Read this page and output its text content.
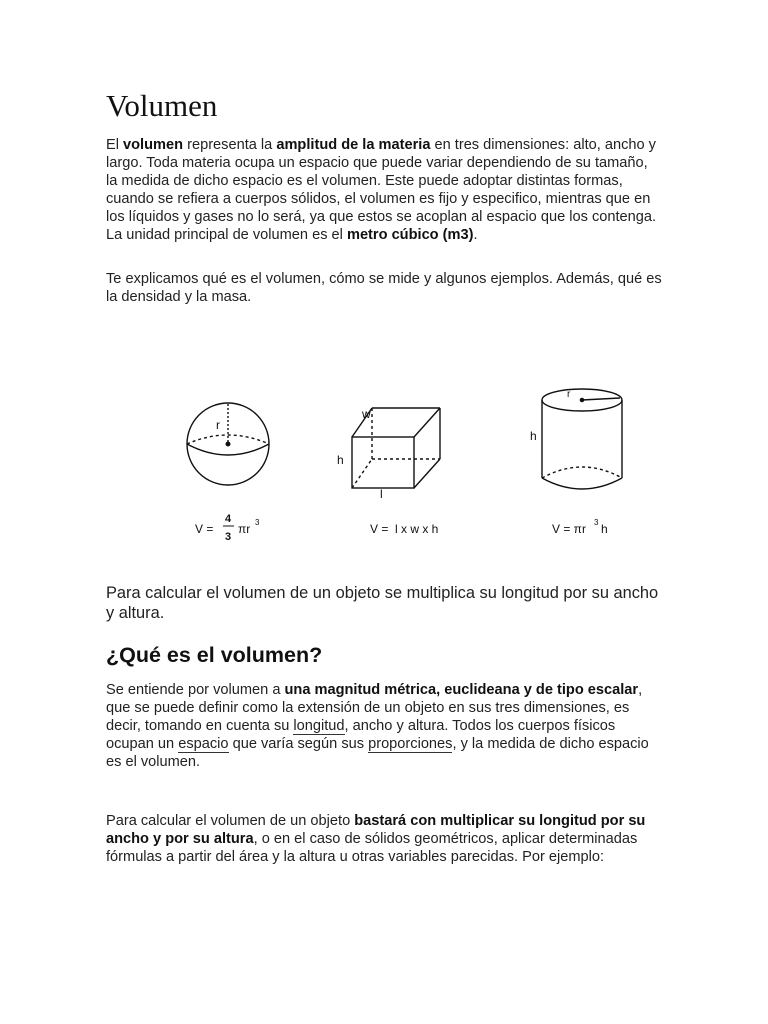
Volumen

El volumen representa la amplitud de la materia en tres dimensiones: alto, ancho y largo. Toda materia ocupa un espacio que puede variar dependiendo de su tamaño, la medida de dicho espacio es el volumen. Este puede adoptar distintas formas, cuando se refiera a cuerpos sólidos, el volumen es fijo y especifico, mientras que en los líquidos y gases no lo será, ya que estos se acoplan al espacio que los contenga. La unidad principal de volumen es el metro cúbico (m3).

Te explicamos qué es el volumen, cómo se mide y algunos ejemplos. Además, qué es la densidad y la masa.

Para calcular el volumen de un objeto se multiplica su longitud por su ancho y altura.

¿Qué es el volumen?

Se entiende por volumen a una magnitud métrica, euclideana y de tipo escalar, que se puede definir como la extensión de un objeto en sus tres dimensiones, es decir, tomando en cuenta su longitud, ancho y altura. Todos los cuerpos físicos ocupan un espacio que varía según sus proporciones, y la medida de dicho espacio es el volumen.

Para calcular el volumen de un objeto bastará con multiplicar su longitud por su ancho y por su altura, o en el caso de sólidos geométricos, aplicar determinadas fórmulas a partir del área y la altura u otras variables parecidas. Por ejemplo:

r
w
h
l
r
h
V =
4
3
πr 3	V =  l x w x h	V = πr 3 h
